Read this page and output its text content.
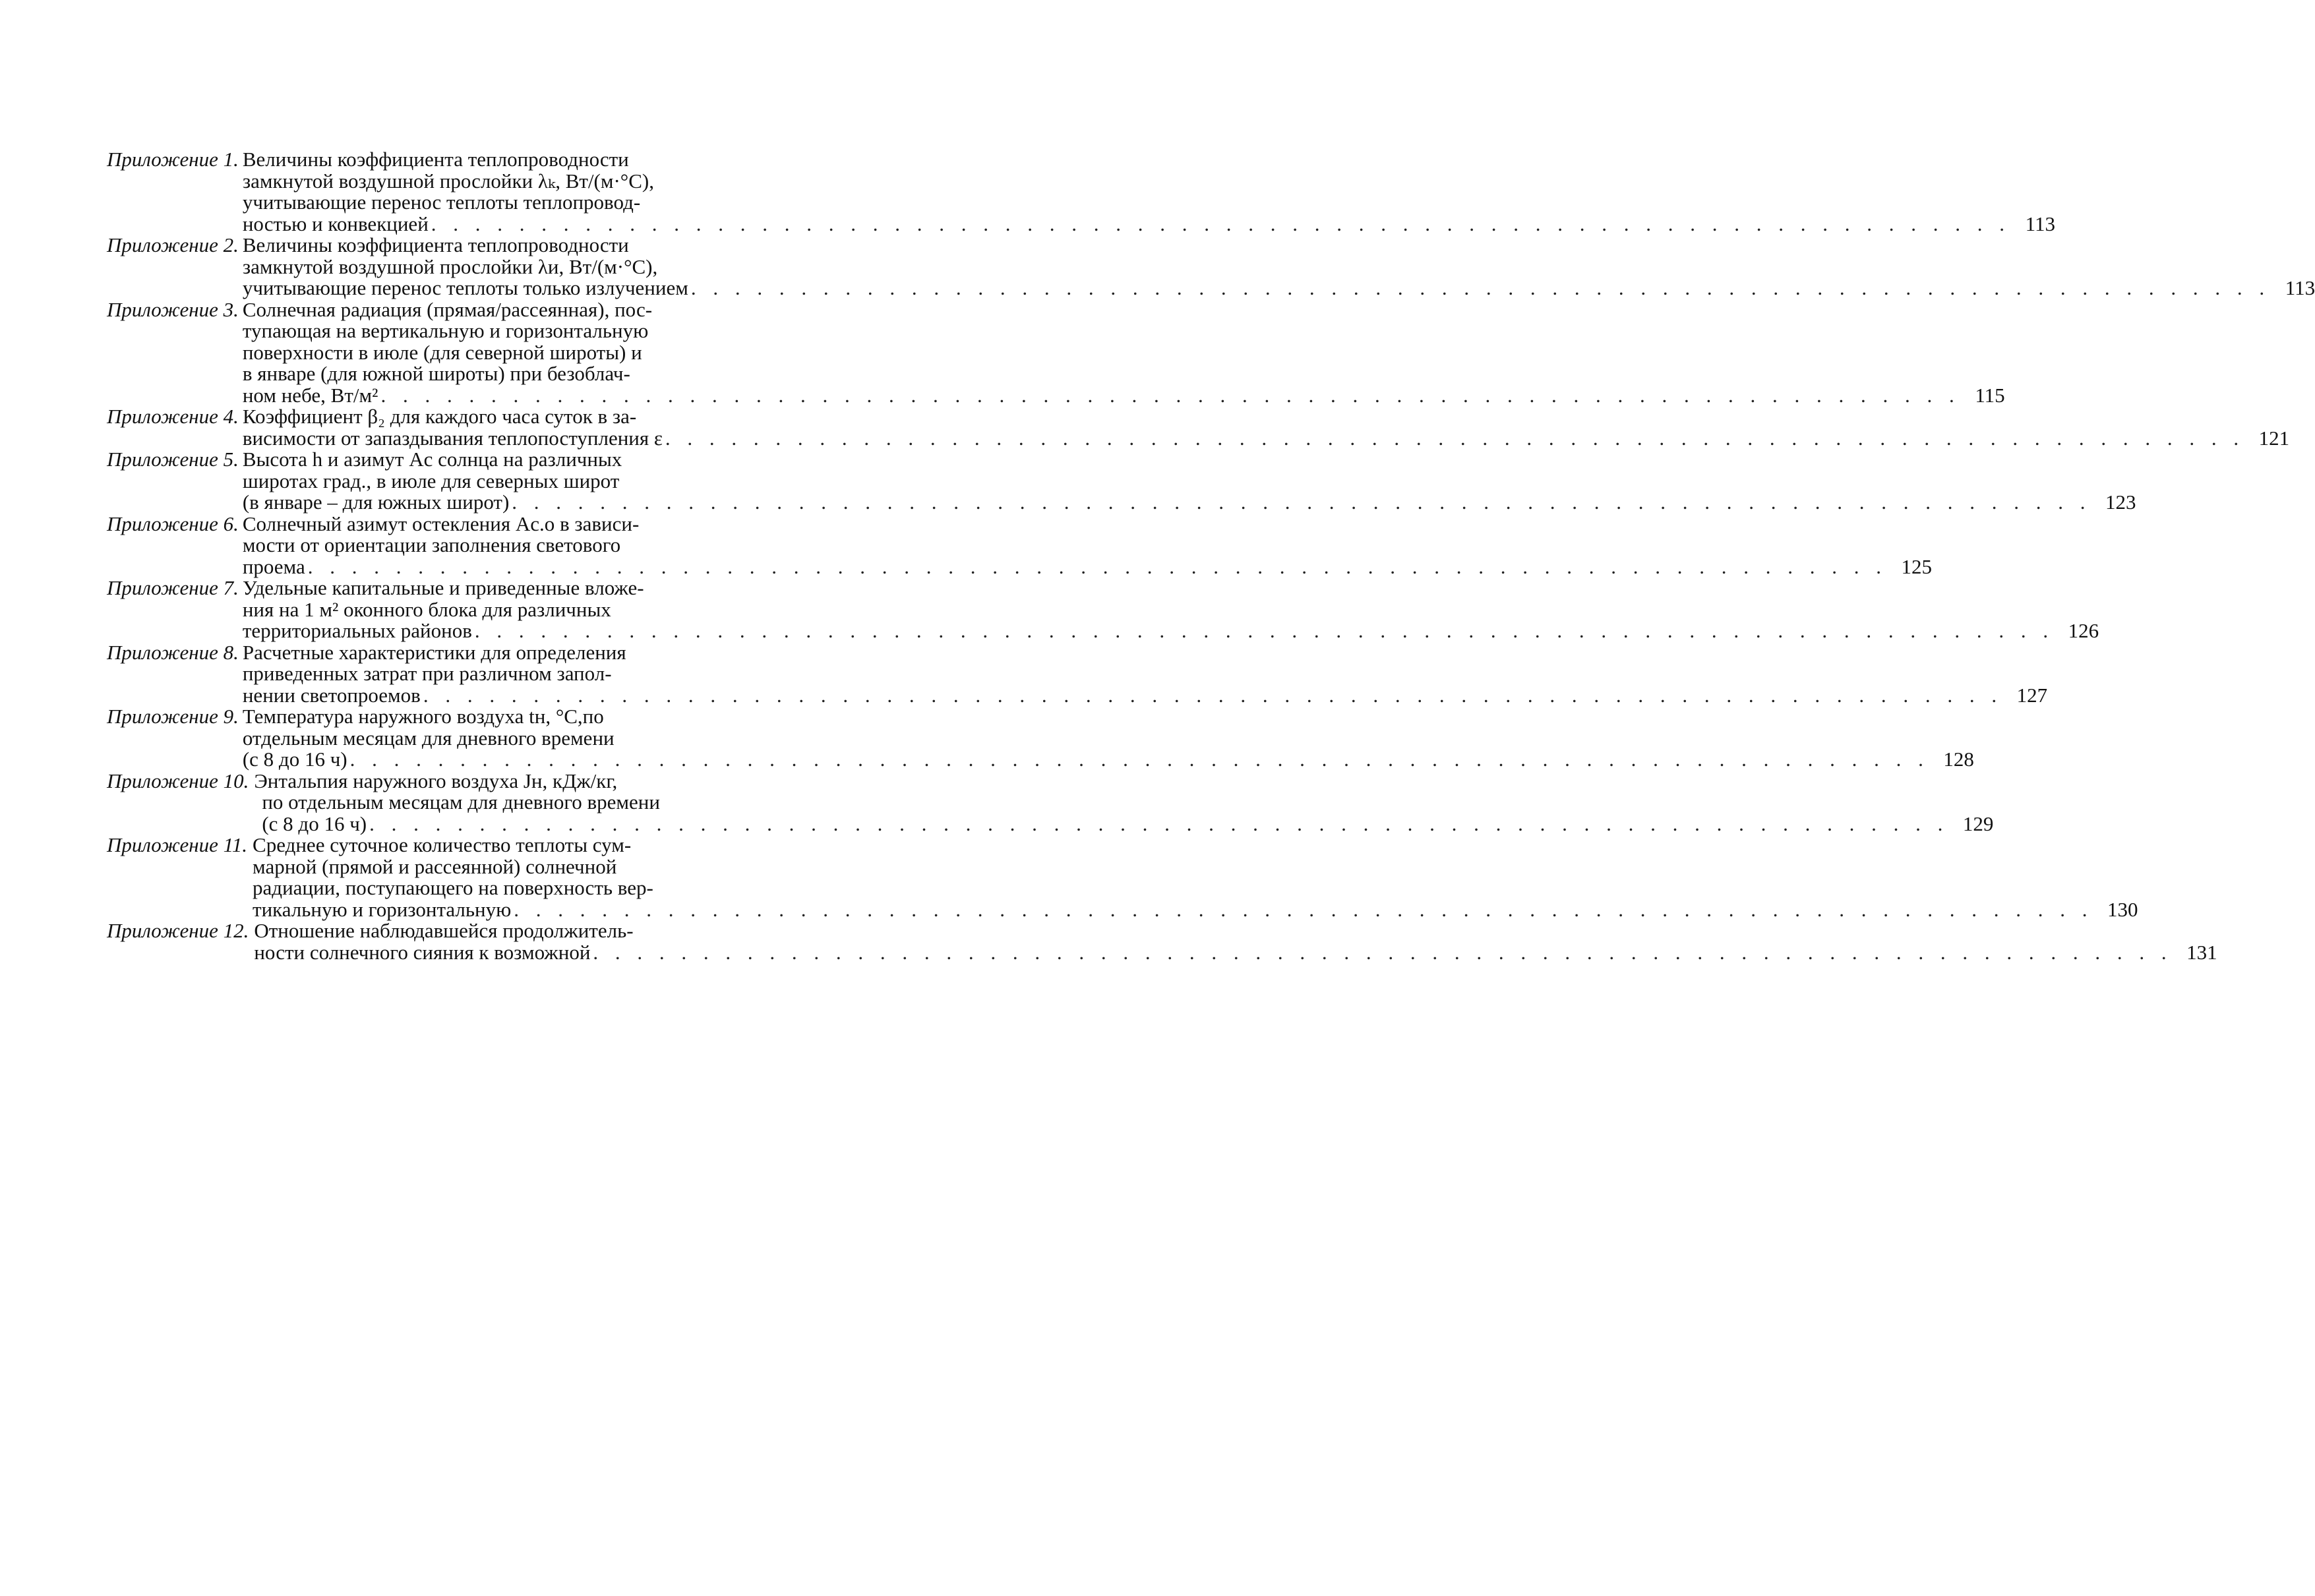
Приложение 1. Величины коэффициента теплопроводности
замкнутой воздушной прослойки λₖ, Вт/(м·°С),
учитывающие перенос теплоты теплопровод-
ностью и конвекцией . . .	113
Приложение 2. Величины коэффициента теплопроводности
замкнутой воздушной прослойки λи, Вт/(м·°С),
учитывающие перенос теплоты только излучением . . .	113
Приложение 3. Солнечная радиация (прямая/рассеянная), пос-
тупающая на вертикальную и горизонтальную
поверхности в июле (для северной широты) и
в январе (для южной широты) при безоблач-
ном небе, Вт/м² . . .	115
Приложение 4. Коэффициент β₂ для каждого часа суток в за-
висимости от запаздывания теплопоступления ε . . .	121
Приложение 5. Высота h и азимут Aс солнца на различных
широтах град., в июле для северных широт
(в январе – для южных широт) . . .	123
Приложение 6. Солнечный азимут остекления Aс.о в зависи-
мости от ориентации заполнения светового
проема . . .	125
Приложение 7. Удельные капитальные и приведенные вложе-
ния на 1 м² оконного блока для различных
территориальных районов . . .	126
Приложение 8. Расчетные характеристики для определения
приведенных затрат при различном запол-
нении светопроемов . . .	127
Приложение 9. Температура наружного воздуха tн, °С,по
отдельным месяцам для дневного времени
(с 8 до 16 ч) . . .	128
Приложение 10. Энтальпия наружного воздуха Jн, кДж/кг,
по отдельным месяцам для дневного времени
(с 8 до 16 ч) . . .	129
Приложение 11. Среднее суточное количество теплоты сум-
марной (прямой и рассеянной) солнечной
радиации, поступающего на поверхность вер-
тикальную и горизонтальную . . .	130
Приложение 12. Отношение наблюдавшейся продолжитель-
ности солнечного сияния к возможной . . .	131
